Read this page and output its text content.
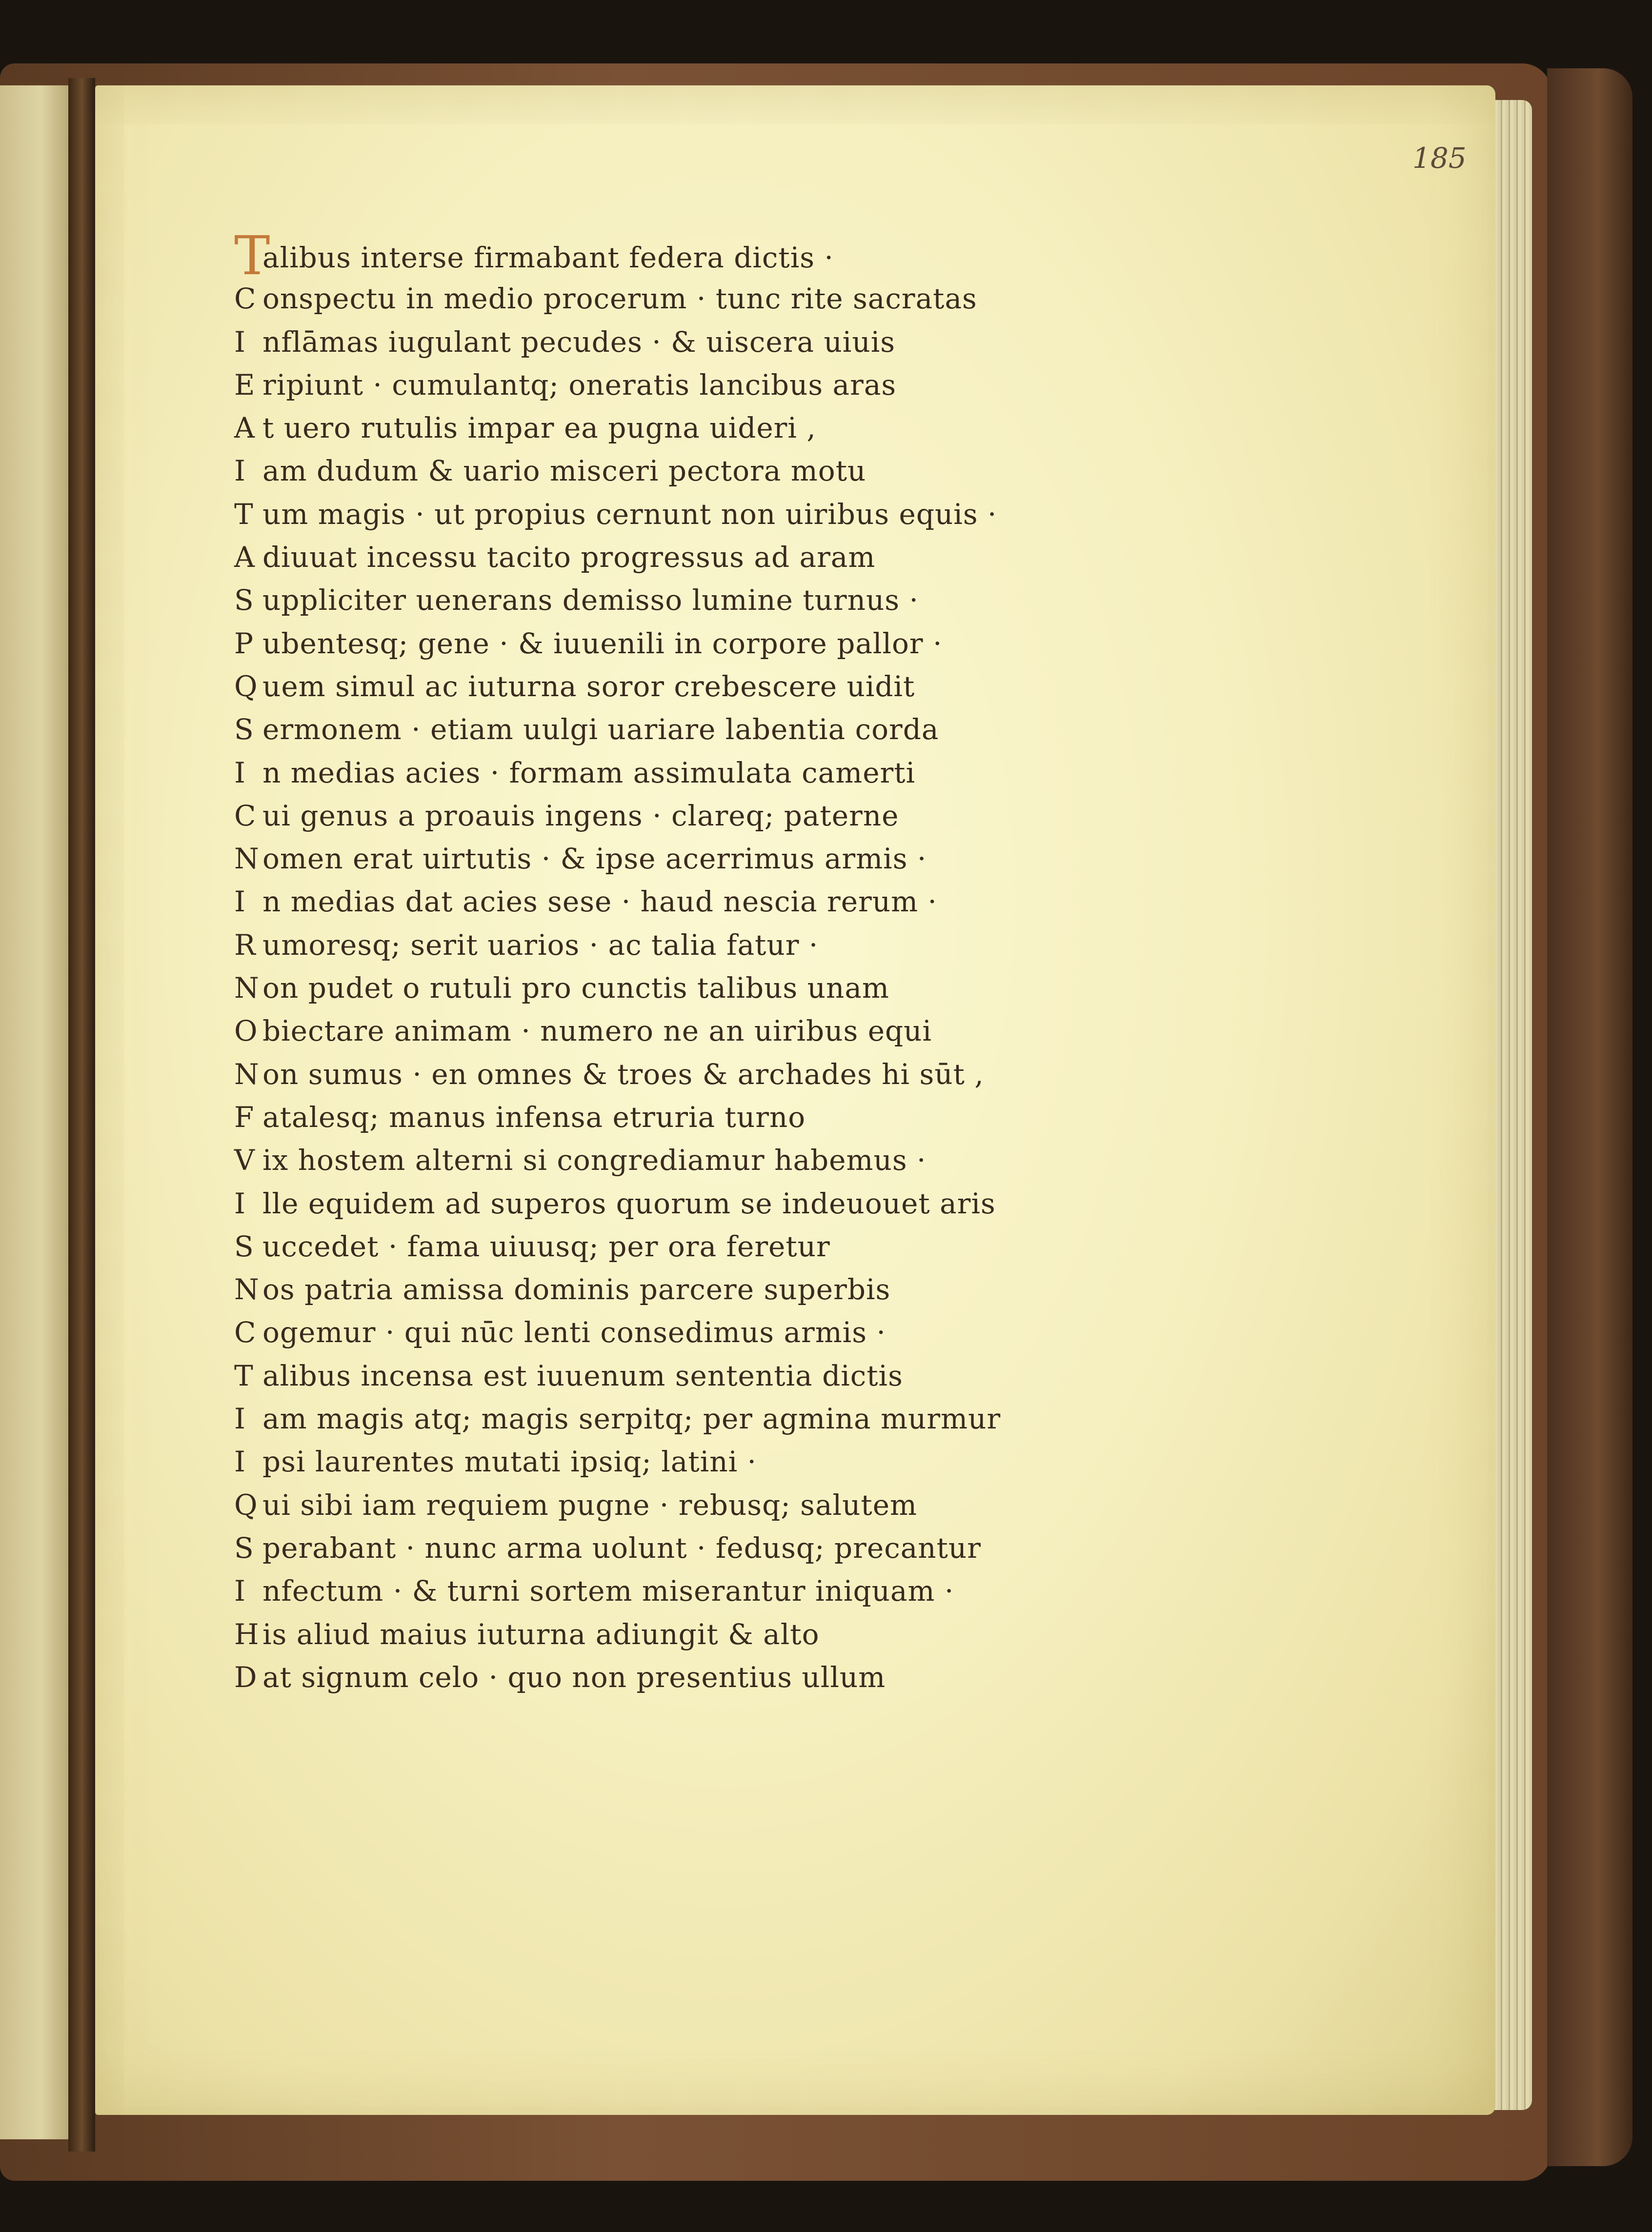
185
Talibus interse firmabant federa dictis ·
C onspectu in medio procerum · tunc rite sacratas
I nflāmas iugulant pecudes · & uiscera uiuis
E ripiunt · cumulantq; oneratis lancibus aras
A t uero rutulis impar ea pugna uideri ,
I am dudum & uario misceri pectora motu
T um magis · ut propius cernunt non uiribus equis ·
A diuuat incessu tacito progressus ad aram
S uppliciter uenerans demisso lumine turnus ·
P ubentesq; gene · & iuuenili in corpore pallor ·
Q uem simul ac iuturna soror crebescere uidit
S ermonem · etiam uulgi uariare labentia corda
I n medias acies · formam assimulata camerti
C ui genus a proauis ingens · clareq; paterne
N omen erat uirtutis · & ipse acerrimus armis ·
I n medias dat acies sese · haud nescia rerum ·
R umoresq; serit uarios · ac talia fatur ·
N on pudet o rutuli pro cunctis talibus unam
O biectare animam · numero ne an uiribus equi
N on sumus · en omnes & troes & archades hi sūt ,
F atalesq; manus infensa etruria turno
V ix hostem alterni si congrediamur habemus ·
I lle equidem ad superos quorum se indeuouet aris
S uccedet · fama uiuusq; per ora feretur
N os patria amissa dominis parcere superbis
C ogemur · qui nūc lenti consedimus armis ·
T alibus incensa est iuuenum sententia dictis
I am magis atq; magis serpitq; per agmina murmur
I psi laurentes mutati ipsiq; latini ·
Q ui sibi iam requiem pugne · rebusq; salutem
S perabant · nunc arma uolunt · fedusq; precantur
I nfectum · & turni sortem miserantur iniquam ·
H is aliud maius iuturna adiungit & alto
D at signum celo · quo non presentius ullum
